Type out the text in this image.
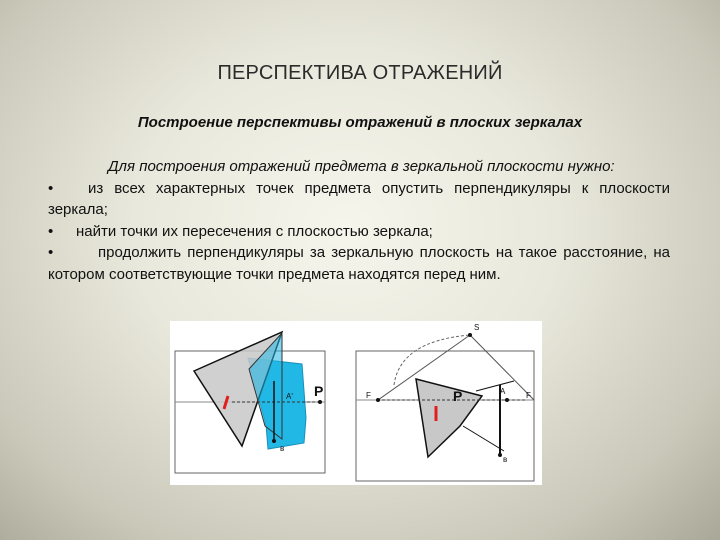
ПЕРСПЕКТИВА ОТРАЖЕНИЙ
Построение перспективы отражений в плоских зеркалах

Для построения отражений предмета в зеркальной плоскости нужно:

• из всех характерных точек предмета опустить перпендикуляры к плоскости зеркала;

• найти точки их пересечения с плоскостью зеркала;

•	продолжить перпендикуляры за зеркальную плоскость на такое расстояние, на котором соответствующие точки предмета находятся перед ним.

A' P
в
S
F	P	A	F
в
